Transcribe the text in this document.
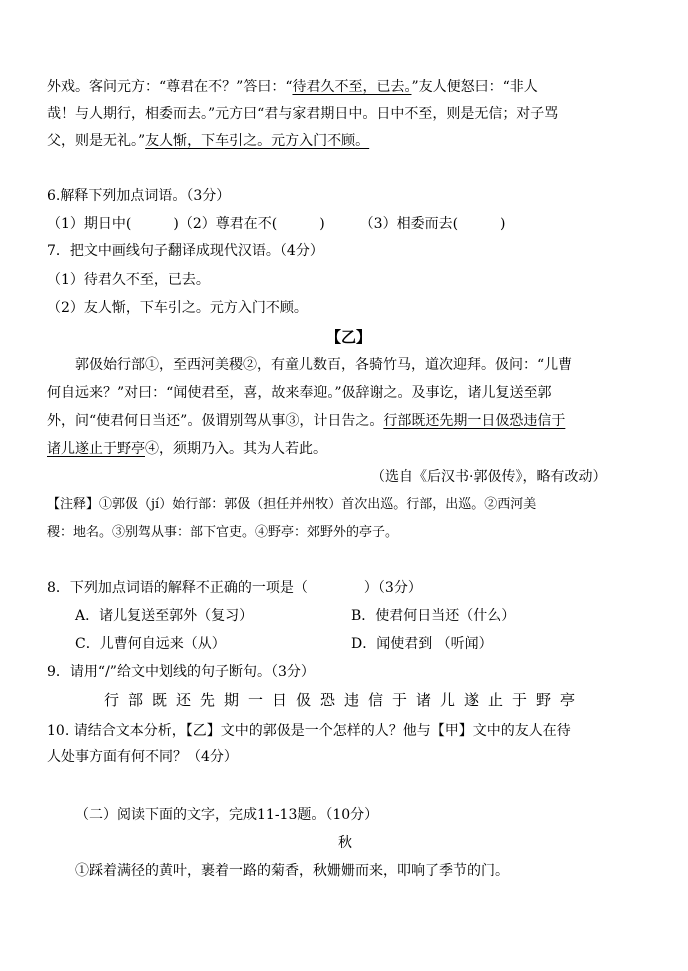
外戏。客问元方：“尊君在不？”答曰：“待君久不至，已去。”友人便怒曰：“非人
哉！与人期行，相委而去。”元方曰“君与家君期日中。日中不至，则是无信；对子骂
父，则是无礼。”友人惭，下车引之。元方入门不顾。
6.解释下列加点词语。（3分）
（1）期日中(　　　)（2）尊君在不(　　　)　　　（3）相委而去(　　　)
7．把文中画线句子翻译成现代汉语。（4分）
（1）待君久不至，已去。
（2）友人惭，下车引之。元方入门不顾。
【乙】
郭伋始行部①，至西河美稷②，有童儿数百，各骑竹马，道次迎拜。伋问：“儿曹
何自远来？”对曰：“闻使君至，喜，故来奉迎。”伋辞谢之。及事讫，诸儿复送至郭
外，问“使君何日当还”。伋谓别驾从事③，计日告之。行部既还先期一日伋恐违信于
诸儿遂止于野亭④，须期乃入。其为人若此。
（选自《后汉书·郭伋传》，略有改动）
【注释】①郭伋（jí）始行部：郭伋（担任并州牧）首次出巡。行部，出巡。②西河美
稷：地名。③别驾从事：部下官吏。④野亭：郊野外的亭子。
8．下列加点词语的解释不正确的一项是（　　　　）（3分）
A．诸儿复送至郭外（复习）	B．使君何日当还（什么）
C．儿曹何自远来（从）	D．闻使君到 （听闻）
9．请用“/”给文中划线的句子断句。（3分）
行部既还先期一日伋恐违信于诸儿遂止于野亭
10. 请结合文本分析，【乙】文中的郭伋是一个怎样的人？他与【甲】文中的友人在待
人处事方面有何不同？（4分）
（二）阅读下面的文字，完成11-13题。（10分）
秋
①踩着满径的黄叶，裹着一路的菊香，秋姗姗而来，叩响了季节的门。
